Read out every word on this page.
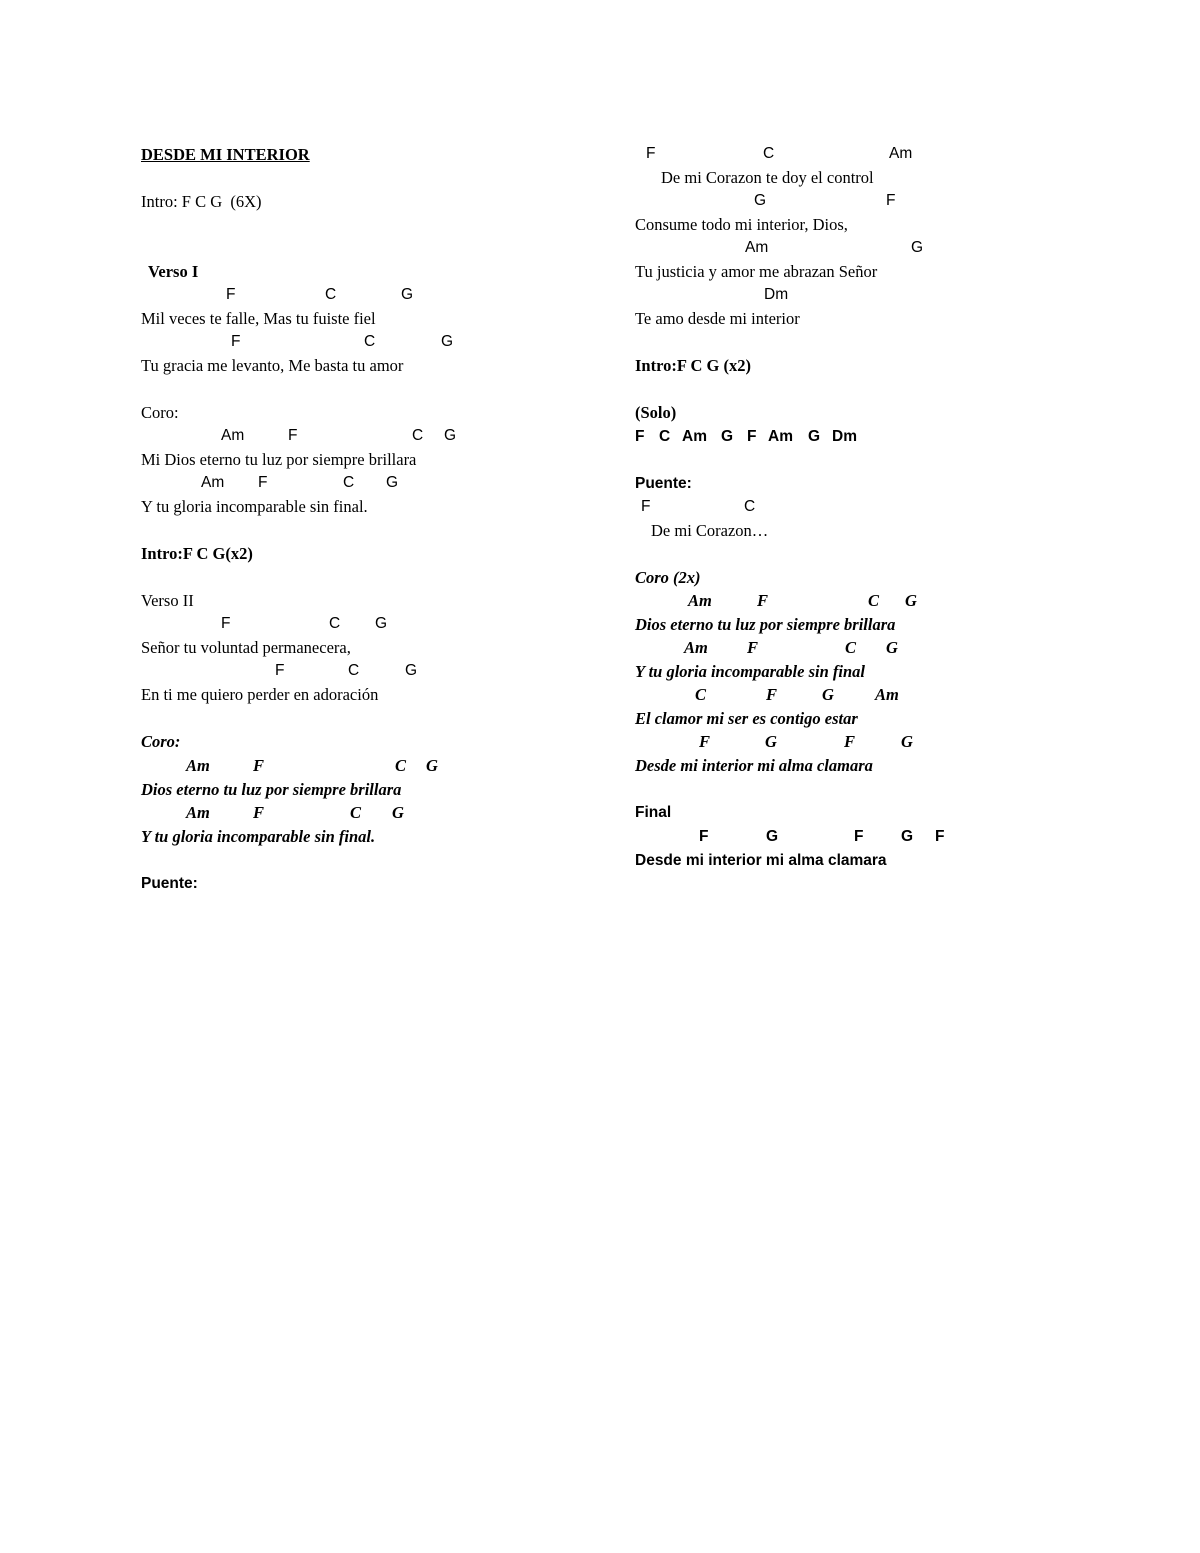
DESDE MI INTERIOR
Intro: F C G  (6X)
Verso I
F	C	G
Mil veces te falle, Mas tu fuiste fiel
F	C	G
Tu gracia me levanto, Me basta tu amor
Coro:
Am	F	C G
Mi Dios eterno tu luz por siempre brillara
Am F	C G
Y tu gloria incomparable sin final.
Intro:F C G(x2)
Verso II
F	C G
Señor tu voluntad permanecera,
F	C	G
En ti me quiero perder en adoración
Coro:
Am	F	C G
Dios eterno tu luz por siempre brillara
Am	F	C G
Y tu gloria incomparable sin final.
Puente:
F	C	Am
De mi Corazon te doy el control
G	F
Consume todo mi interior, Dios,
Am	G
Tu justicia y amor me abrazan Señor
Dm
Te amo desde mi interior
Intro:F C G (x2)
(Solo)
F C Am G F Am G Dm
Puente:
F	C
De mi Corazon…
Coro (2x)
Am	F	C G
Dios eterno tu luz por siempre brillara
Am F	C G
Y tu gloria incomparable sin final
C	F	G Am
El clamor mi ser es contigo estar
F	G	F	G
Desde mi interior mi alma clamara
Final
F	G	F G F
Desde mi interior mi alma clamara
